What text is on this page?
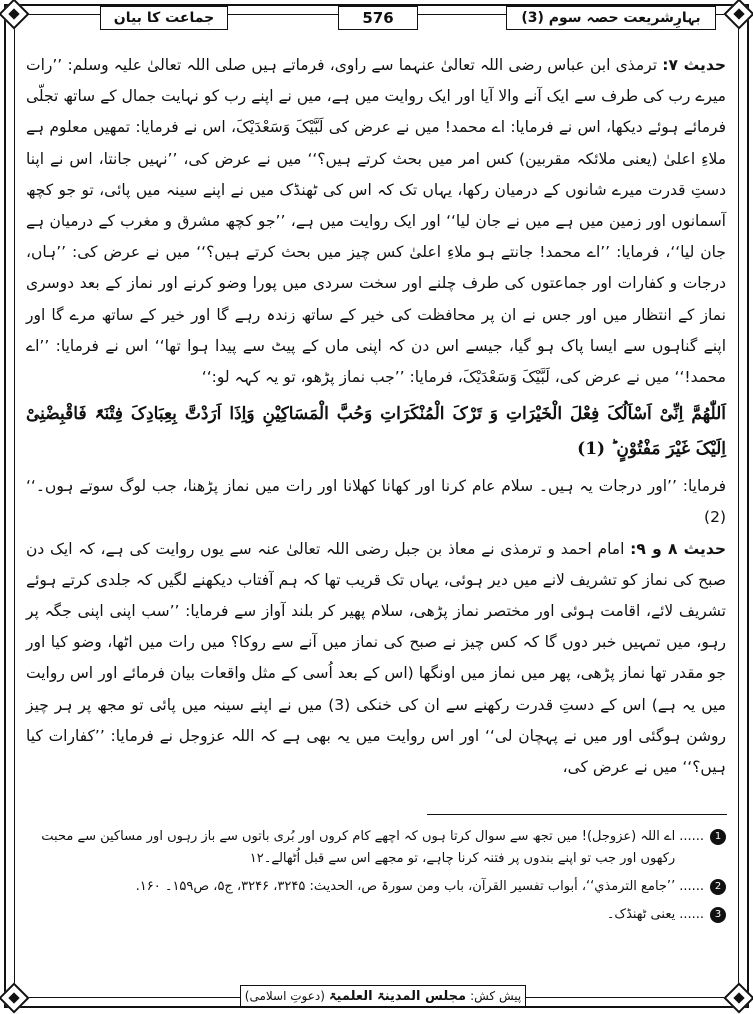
بہارِشریعت حصہ سوم (3)
576
جماعت کا بیان

حدیث ۷: ترمذی ابن عباس رضی اللہ تعالیٰ عنہما سے راوی، فرماتے ہیں صلی اللہ تعالیٰ علیہ وسلم: ’’رات میرے رب کی طرف سے ایک آنے والا آیا اور ایک روایت میں ہے، میں نے اپنے رب کو نہایت جمال کے ساتھ تجلّی فرمائے ہوئے دیکھا، اس نے فرمایا: اے محمد! میں نے عرض کی لَبَّیْکَ وَسَعْدَیْکَ، اس نے فرمایا: تمھیں معلوم ہے ملاءِ اعلیٰ (یعنی ملائکہ مقربین) کس امر میں بحث کرتے ہیں؟‘‘ میں نے عرض کی، ’’نہیں جانتا، اس نے اپنا دستِ قدرت میرے شانوں کے درمیان رکھا، یہاں تک کہ اس کی ٹھنڈک میں نے اپنے سینہ میں پائی، تو جو کچھ آسمانوں اور زمین میں ہے میں نے جان لیا‘‘ اور ایک روایت میں ہے، ’’جو کچھ مشرق و مغرب کے درمیان ہے جان لیا‘‘، فرمایا: ’’اے محمد! جانتے ہو ملاءِ اعلیٰ کس چیز میں بحث کرتے ہیں؟‘‘ میں نے عرض کی: ’’ہاں، درجات و کفارات اور جماعتوں کی طرف چلنے اور سخت سردی میں پورا وضو کرنے اور نماز کے بعد دوسری نماز کے انتظار میں اور جس نے ان پر محافظت کی خیر کے ساتھ زندہ رہے گا اور خیر کے ساتھ مرے گا اور اپنے گناہوں سے ایسا پاک ہو گیا، جیسے اس دن کہ اپنی ماں کے پیٹ سے پیدا ہوا تھا‘‘ اس نے فرمایا: ’’اے محمد!‘‘ میں نے عرض کی، لَبَّیْکَ وَسَعْدَیْکَ، فرمایا: ’’جب نماز پڑھو، تو یہ کہہ لو:‘‘

اَللّٰھُمَّ اِنِّیْ اَسْاَلُکَ فِعْلَ الْخَیْرَاتِ وَ تَرْکَ الْمُنْکَرَاتِ وَحُبَّ الْمَسَاکِیْنِ وَاِذَا اَرَدْتَّ بِعِبَادِکَ فِتْنَۃً فَاقْبِضْنِیْ اِلَیْکَ غَیْرَ مَفْتُوْنٍ ؕ (1)

فرمایا: ’’اور درجات یہ ہیں۔ سلام عام کرنا اور کھانا کھلانا اور رات میں نماز پڑھنا، جب لوگ سوتے ہوں۔‘‘ (2)

حدیث ۸ و ۹: امام احمد و ترمذی نے معاذ بن جبل رضی اللہ تعالیٰ عنہ سے یوں روایت کی ہے، کہ ایک دن صبح کی نماز کو تشریف لانے میں دیر ہوئی، یہاں تک قریب تھا کہ ہم آفتاب دیکھنے لگیں کہ جلدی کرتے ہوئے تشریف لائے، اقامت ہوئی اور مختصر نماز پڑھی، سلام پھیر کر بلند آواز سے فرمایا: ’’سب اپنی اپنی جگہ پر رہو، میں تمہیں خبر دوں گا کہ کس چیز نے صبح کی نماز میں آنے سے روکا؟ میں رات میں اٹھا، وضو کیا اور جو مقدر تھا نماز پڑھی، پھر میں نماز میں اونگھا (اس کے بعد اُسی کے مثل واقعات بیان فرمائے اور اس روایت میں یہ ہے) اس کے دستِ قدرت رکھنے سے ان کی خنکی (3) میں نے اپنے سینہ میں پائی تو مجھ پر ہر چیز روشن ہوگئی اور میں نے پہچان لی‘‘ اور اس روایت میں یہ بھی ہے کہ اللہ عزوجل نے فرمایا: ’’کفارات کیا ہیں؟‘‘ میں نے عرض کی،

1
......
اے اللہ (عزوجل)! میں تجھ سے سوال کرتا ہوں کہ اچھے کام کروں اور بُری باتوں سے باز رہوں اور مساکین سے محبت رکھوں اور جب تو اپنے بندوں پر فتنہ کرنا چاہے، تو مجھے اس سے قبل اُٹھالے۔۱۲
2
......
’’جامع الترمذي‘‘، أبواب تفسیر القرآن، باب ومن سورۃ ص، الحدیث: ۳۲۴۵، ۳۲۴۶، ج۵، ص۱۵۹۔ ۱۶۰.
3
......
یعنی ٹھنڈک۔
پیش کش:
مجلس المدینۃ العلمیۃ
(دعوتِ اسلامی)
